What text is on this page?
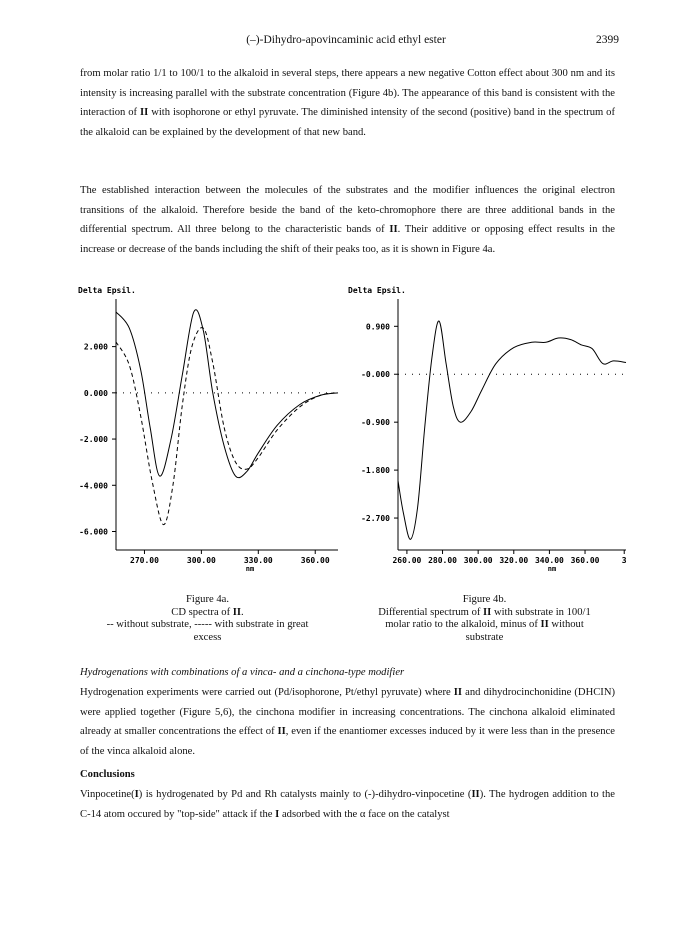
(–)-Dihydro-apovincaminic acid ethyl ester	2399

from molar ratio 1/1 to 100/1 to the alkaloid in several steps, there appears a new negative Cotton effect about 300 nm and its intensity is increasing parallel with the substrate concentration (Figure 4b). The appearance of this band is consistent with the interaction of II with isophorone or ethyl pyruvate. The diminished intensity of the second (positive) band in the spectrum of the alkaloid can be explained by the development of that new band.

The established interaction between the molecules of the substrates and the modifier influences the original electron transitions of the alkaloid. Therefore beside the band of the keto-chromophore there are three additional bands in the differential spectrum. All three belong to the characteristic bands of II. Their additive or opposing effect results in the increase or decrease of the bands including the shift of their peaks too, as it is shown in Figure 4a.

Delta Epsil.
2.000
0.000
-2.000
-4.000
-6.000
270.00	300.00	330.00	360.00
nm
Delta Epsil.
0.900
-0.000
-0.900
-1.800
-2.700
260.00 280.00 300.00 320.00 340.00 360.00	3
nm
Figure 4a.
CD spectra of II.
-- without substrate, ----- with substrate in great
excess
Figure 4b.
Differential spectrum of II with substrate in 100/1
molar ratio to the alkaloid, minus of II without
substrate
Hydrogenations with combinations of a vinca- and a cinchona-type modifier
Hydrogenation experiments were carried out (Pd/isophorone, Pt/ethyl pyruvate) where II and dihydrocinchonidine (DHCIN) were applied together (Figure 5,6), the cinchona modifier in increasing concentrations. The cinchona alkaloid eliminated already at smaller concentrations the effect of II, even if the enantiomer excesses induced by it were less than in the presence of the vinca alkaloid alone.
Conclusions
Vinpocetine(I) is hydrogenated by Pd and Rh catalysts mainly to (-)-dihydro-vinpocetine (II). The hydrogen addition to the C-14 atom occured by "top-side" attack if the I adsorbed with the α face on the catalyst
